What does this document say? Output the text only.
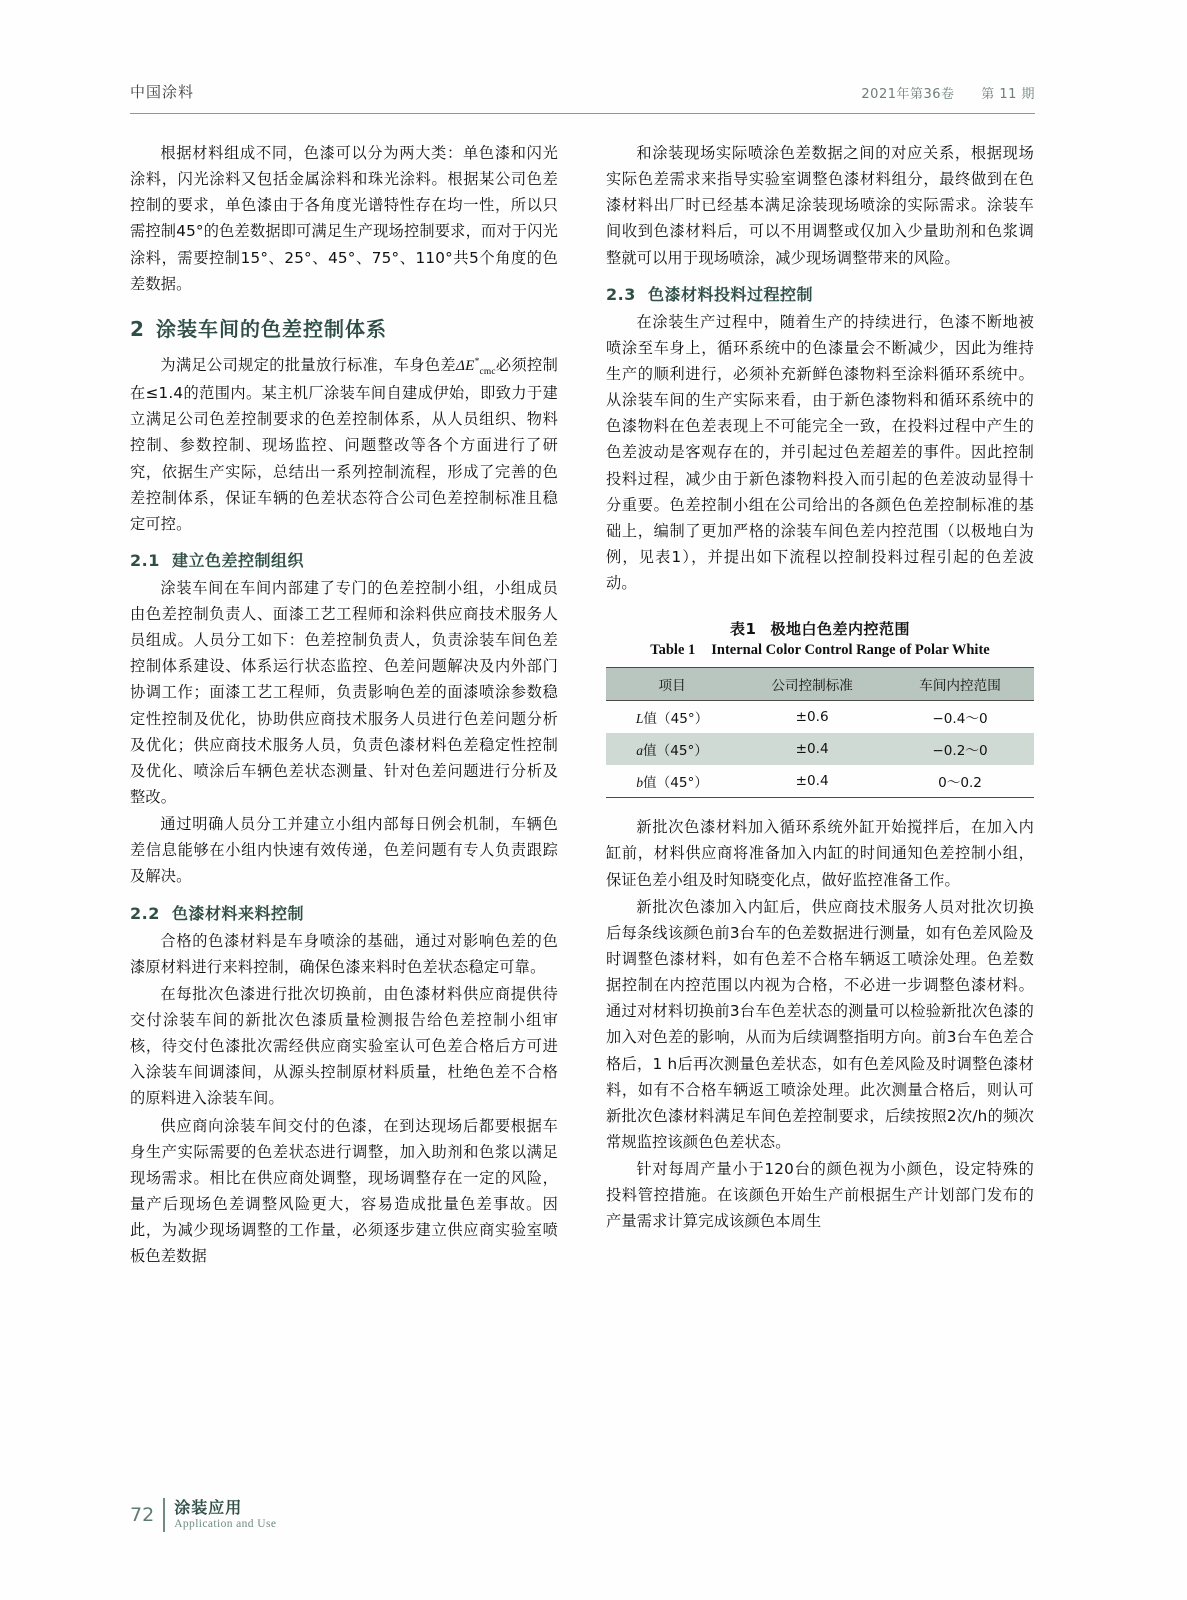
中国涂料	2021年第36卷 第 11 期

根据材料组成不同，色漆可以分为两大类：单色漆和闪光涂料，闪光涂料又包括金属涂料和珠光涂料。根据某公司色差控制的要求，单色漆由于各角度光谱特性存在均一性，所以只需控制45°的色差数据即可满足生产现场控制要求，而对于闪光涂料，需要控制15°、25°、45°、75°、110°共5个角度的色差数据。

2 涂装车间的色差控制体系

为满足公司规定的批量放行标准，车身色差$\Delta E^*_{cmc}$必须控制在≤1.4的范围内。某主机厂涂装车间自建成伊始，即致力于建立满足公司色差控制要求的色差控制体系，从人员组织、物料控制、参数控制、现场监控、问题整改等各个方面进行了研究，依据生产实际，总结出一系列控制流程，形成了完善的色差控制体系，保证车辆的色差状态符合公司色差控制标准且稳定可控。

2.1 建立色差控制组织

涂装车间在车间内部建了专门的色差控制小组，小组成员由色差控制负责人、面漆工艺工程师和涂料供应商技术服务人员组成。人员分工如下：色差控制负责人，负责涂装车间色差控制体系建设、体系运行状态监控、色差问题解决及内外部门协调工作；面漆工艺工程师，负责影响色差的面漆喷涂参数稳定性控制及优化，协助供应商技术服务人员进行色差问题分析及优化；供应商技术服务人员，负责色漆材料色差稳定性控制及优化、喷涂后车辆色差状态测量、针对色差问题进行分析及整改。

通过明确人员分工并建立小组内部每日例会机制，车辆色差信息能够在小组内快速有效传递，色差问题有专人负责跟踪及解决。

2.2 色漆材料来料控制

合格的色漆材料是车身喷涂的基础，通过对影响色差的色漆原材料进行来料控制，确保色漆来料时色差状态稳定可靠。

在每批次色漆进行批次切换前，由色漆材料供应商提供待交付涂装车间的新批次色漆质量检测报告给色差控制小组审核，待交付色漆批次需经供应商实验室认可色差合格后方可进入涂装车间调漆间，从源头控制原材料质量，杜绝色差不合格的原料进入涂装车间。

供应商向涂装车间交付的色漆，在到达现场后都要根据车身生产实际需要的色差状态进行调整，加入助剂和色浆以满足现场需求。相比在供应商处调整，现场调整存在一定的风险，量产后现场色差调整风险更大，容易造成批量色差事故。因此，为减少现场调整的工作量，必须逐步建立供应商实验室喷板色差数据

和涂装现场实际喷涂色差数据之间的对应关系，根据现场实际色差需求来指导实验室调整色漆材料组分，最终做到在色漆材料出厂时已经基本满足涂装现场喷涂的实际需求。涂装车间收到色漆材料后，可以不用调整或仅加入少量助剂和色浆调整就可以用于现场喷涂，减少现场调整带来的风险。

2.3 色漆材料投料过程控制

在涂装生产过程中，随着生产的持续进行，色漆不断地被喷涂至车身上，循环系统中的色漆量会不断减少，因此为维持生产的顺利进行，必须补充新鲜色漆物料至涂料循环系统中。从涂装车间的生产实际来看，由于新色漆物料和循环系统中的色漆物料在色差表现上不可能完全一致，在投料过程中产生的色差波动是客观存在的，并引起过色差超差的事件。因此控制投料过程，减少由于新色漆物料投入而引起的色差波动显得十分重要。色差控制小组在公司给出的各颜色色差控制标准的基础上，编制了更加严格的涂装车间色差内控范围（以极地白为例，见表1），并提出如下流程以控制投料过程引起的色差波动。

表1 极地白色差内控范围
Table 1 Internal Color Control Range of Polar White
项目	公司控制标准	车间内控范围
L值（45°）	±0.6	−0.4～0
a值（45°）	±0.4	−0.2～0
b值（45°）	±0.4	0～0.2

新批次色漆材料加入循环系统外缸开始搅拌后，在加入内缸前，材料供应商将准备加入内缸的时间通知色差控制小组，保证色差小组及时知晓变化点，做好监控准备工作。

新批次色漆加入内缸后，供应商技术服务人员对批次切换后每条线该颜色前3台车的色差数据进行测量，如有色差风险及时调整色漆材料，如有色差不合格车辆返工喷涂处理。色差数据控制在内控范围以内视为合格，不必进一步调整色漆材料。通过对材料切换前3台车色差状态的测量可以检验新批次色漆的加入对色差的影响，从而为后续调整指明方向。前3台车色差合格后，1 h后再次测量色差状态，如有色差风险及时调整色漆材料，如有不合格车辆返工喷涂处理。此次测量合格后，则认可新批次色漆材料满足车间色差控制要求，后续按照2次/h的频次常规监控该颜色色差状态。

针对每周产量小于120台的颜色视为小颜色，设定特殊的投料管控措施。在该颜色开始生产前根据生产计划部门发布的产量需求计算完成该颜色本周生

72	涂装应用
Application and Use
